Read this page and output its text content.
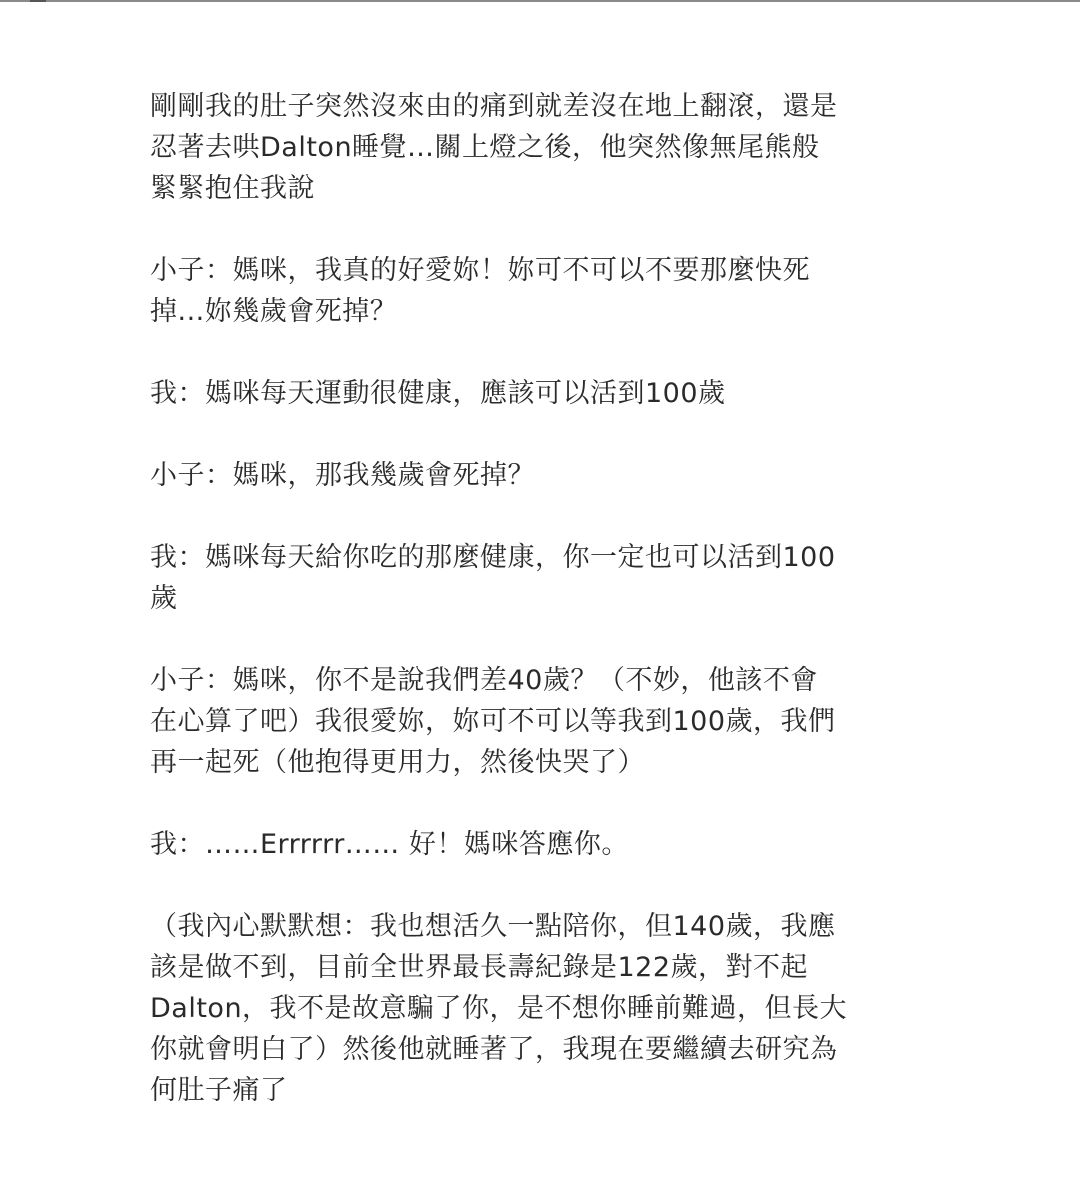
剛剛我的肚子突然沒來由的痛到就差沒在地上翻滾，還是
忍著去哄Dalton睡覺…關上燈之後，他突然像無尾熊般
緊緊抱住我說

小子：媽咪，我真的好愛妳！妳可不可以不要那麼快死
掉...妳幾歲會死掉？

我：媽咪每天運動很健康，應該可以活到100歲

小子：媽咪，那我幾歲會死掉？

我：媽咪每天給你吃的那麼健康，你一定也可以活到100
歲

小子：媽咪，你不是說我們差40歲？（不妙，他該不會
在心算了吧）我很愛妳，妳可不可以等我到100歲，我們
再一起死（他抱得更用力，然後快哭了）

我：……Errrrrr…… 好！媽咪答應你。

（我內心默默想：我也想活久一點陪你，但140歲，我應
該是做不到，目前全世界最長壽紀錄是122歲，對不起
Dalton，我不是故意騙了你，是不想你睡前難過，但長大
你就會明白了）然後他就睡著了，我現在要繼續去研究為
何肚子痛了
